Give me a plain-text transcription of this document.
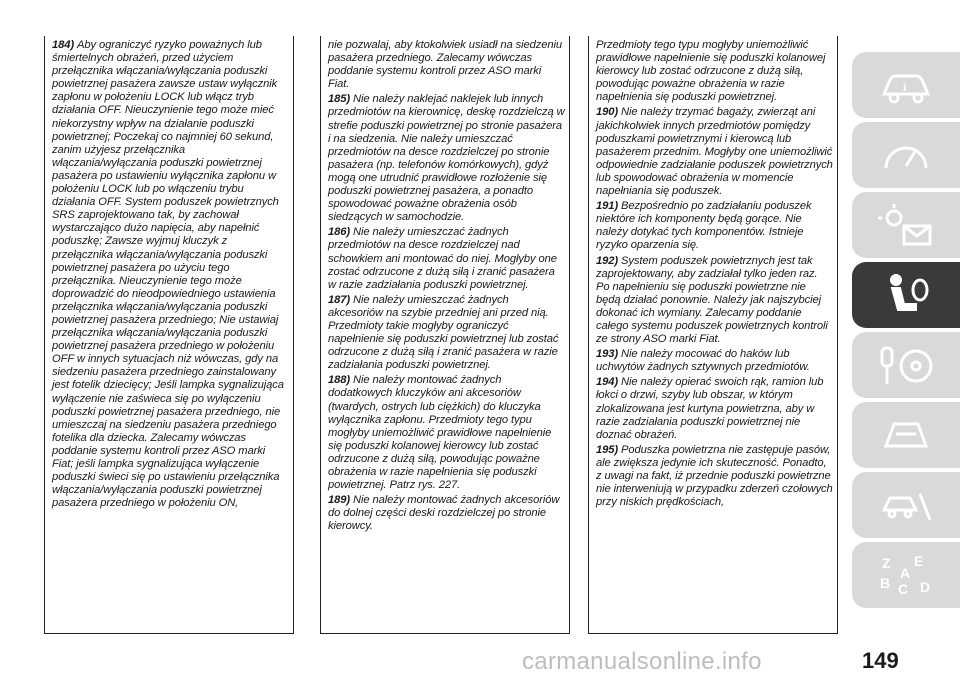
184) Aby ograniczyć ryzyko poważnych lub śmiertelnych obrażeń, przed użyciem przełącznika włączania/wyłączania poduszki powietrznej pasażera zawsze ustaw wyłącznik zapłonu w położeniu LOCK lub włącz tryb działania OFF. Nieuczynienie tego może mieć niekorzystny wpływ na działanie poduszki powietrznej; Poczekaj co najmniej 60 sekund, zanim użyjesz przełącznika włączania/wyłączania poduszki powietrznej pasażera po ustawieniu wyłącznika zapłonu w położeniu LOCK lub po włączeniu trybu działania OFF. System poduszek powietrznych SRS zaprojektowano tak, by zachował wystarczająco dużo napięcia, aby napełnić poduszkę; Zawsze wyjmuj kluczyk z przełącznika włączania/wyłączania poduszki powietrznej pasażera po użyciu tego przełącznika. Nieuczynienie tego może doprowadzić do nieodpowiedniego ustawienia przełącznika włączania/wyłączania poduszki powietrznej pasażera przedniego; Nie ustawiaj przełącznika włączania/wyłączania poduszki powietrznej pasażera przedniego w położeniu OFF w innych sytuacjach niż wówczas, gdy na siedzeniu pasażera przedniego zainstalowany jest fotelik dziecięcy; Jeśli lampka sygnalizująca wyłączenie nie zaświeca się po wyłączeniu poduszki powietrznej pasażera przedniego, nie umieszczaj na siedzeniu pasażera przedniego fotelika dla dziecka. Zalecamy wówczas poddanie systemu kontroli przez ASO marki Fiat; jeśli lampka sygnalizująca wyłączenie poduszki świeci się po ustawieniu przełącznika włączania/wyłączania poduszki powietrznej pasażera przedniego w położeniu ON,

nie pozwalaj, aby ktokolwiek usiadł na siedzeniu pasażera przedniego. Zalecamy wówczas poddanie systemu kontroli przez ASO marki Fiat.

185) Nie należy naklejać naklejek lub innych przedmiotów na kierownicę, deskę rozdzielczą w strefie poduszki powietrznej po stronie pasażera i na siedzenia. Nie należy umieszczać przedmiotów na desce rozdzielczej po stronie pasażera (np. telefonów komórkowych), gdyż mogą one utrudnić prawidłowe rozłożenie się poduszki powietrznej pasażera, a ponadto spowodować poważne obrażenia osób siedzących w samochodzie.

186) Nie należy umieszczać żadnych przedmiotów na desce rozdzielczej nad schowkiem ani montować do niej. Mogłyby one zostać odrzucone z dużą siłą i zranić pasażera w razie zadziałania poduszki powietrznej.

187) Nie należy umieszczać żadnych akcesoriów na szybie przedniej ani przed nią. Przedmioty takie mogłyby ograniczyć napełnienie się poduszki powietrznej lub zostać odrzucone z dużą siłą i zranić pasażera w razie zadziałania poduszki powietrznej.

188) Nie należy montować żadnych dodatkowych kluczyków ani akcesoriów (twardych, ostrych lub ciężkich) do kluczyka wyłącznika zapłonu. Przedmioty tego typu mogłyby uniemożliwić prawidłowe napełnienie się poduszki kolanowej kierowcy lub zostać odrzucone z dużą siłą, powodując poważne obrażenia w razie napełnienia się poduszki powietrznej. Patrz rys. 227.

189) Nie należy montować żadnych akcesoriów do dolnej części deski rozdzielczej po stronie kierowcy.

Przedmioty tego typu mogłyby uniemożliwić prawidłowe napełnienie się poduszki kolanowej kierowcy lub zostać odrzucone z dużą siłą, powodując poważne obrażenia w razie napełnienia się poduszki powietrznej.

190) Nie należy trzymać bagaży, zwierząt ani jakichkolwiek innych przedmiotów pomiędzy poduszkami powietrznymi i kierowcą lub pasażerem przednim. Mogłyby one uniemożliwić odpowiednie zadziałanie poduszek powietrznych lub spowodować obrażenia w momencie napełniania się poduszek.

191) Bezpośrednio po zadziałaniu poduszek niektóre ich komponenty będą gorące. Nie należy dotykać tych komponentów. Istnieje ryzyko oparzenia się.

192) System poduszek powietrznych jest tak zaprojektowany, aby zadziałał tylko jeden raz. Po napełnieniu się poduszki powietrzne nie będą działać ponownie. Należy jak najszybciej dokonać ich wymiany. Zalecamy poddanie całego systemu poduszek powietrznych kontroli ze strony ASO marki Fiat.

193) Nie należy mocować do haków lub uchwytów żadnych sztywnych przedmiotów.

194) Nie należy opierać swoich rąk, ramion lub łokci o drzwi, szyby lub obszar, w którym zlokalizowana jest kurtyna powietrzna, aby w razie zadziałania poduszki powietrznej nie doznać obrażeń.

195) Poduszka powietrzna nie zastępuje pasów, ale zwiększa jedynie ich skuteczność. Ponadto, z uwagi na fakt, iż przednie poduszki powietrzne nie interweniują w przypadku zderzeń czołowych przy niskich prędkościach,

i
Z E
B C D
A
carmanualsonline.info	149
